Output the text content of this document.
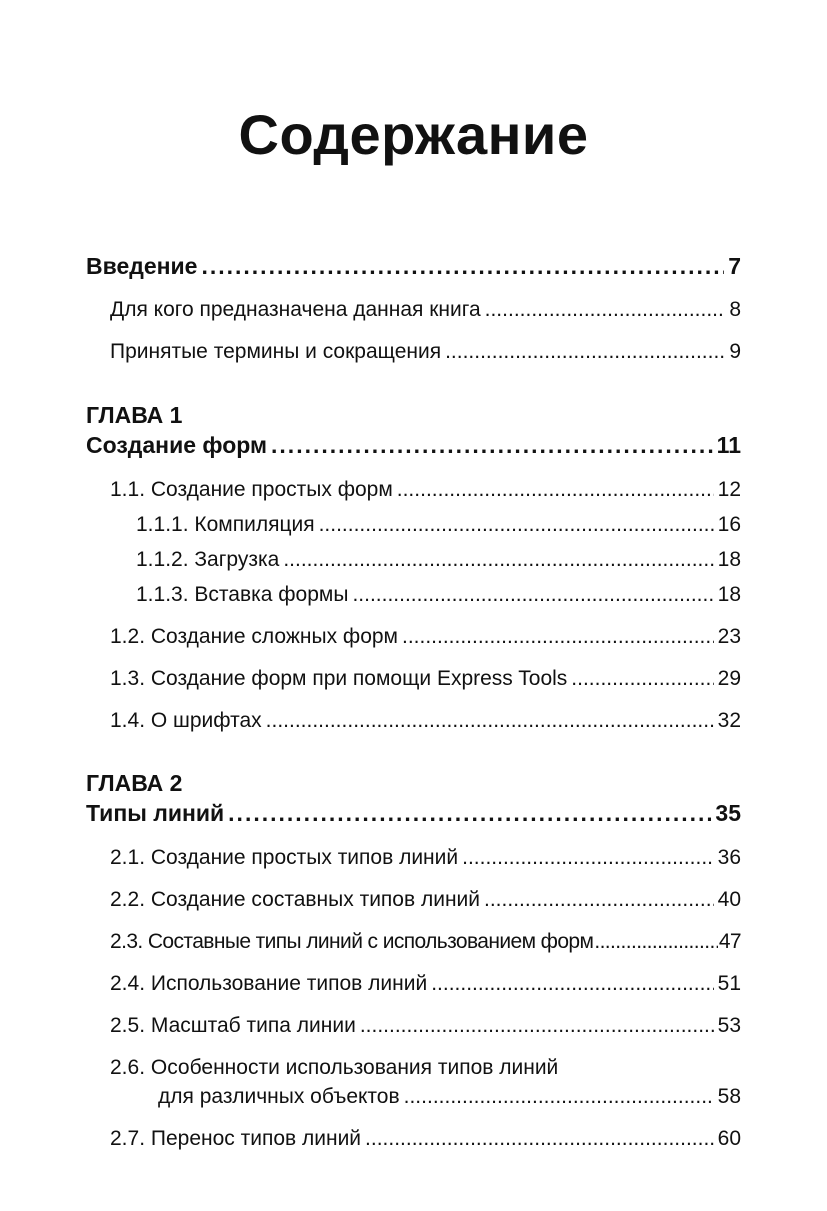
Содержание
Введение .....	7
Для кого предназначена данная книга .....	8
Принятые термины и сокращения .....	9
ГЛАВА 1
Создание форм .....	11
1.1. Создание простых форм .....	12
1.1.1. Компиляция .....	16
1.1.2. Загрузка .....	18
1.1.3. Вставка формы .....	18
1.2. Создание сложных форм .....	23
1.3. Создание форм при помощи Express Tools .....	29
1.4. О шрифтах .....	32
ГЛАВА 2
Типы линий .....	35
2.1. Создание простых типов линий .....	36
2.2. Создание составных типов линий .....	40
2.3. Составные типы линий с использованием форм .....	47
2.4. Использование типов линий .....	51
2.5. Масштаб типа линии .....	53
2.6. Особенности использования типов линий
для различных объектов .....	58
2.7. Перенос типов линий .....	60
